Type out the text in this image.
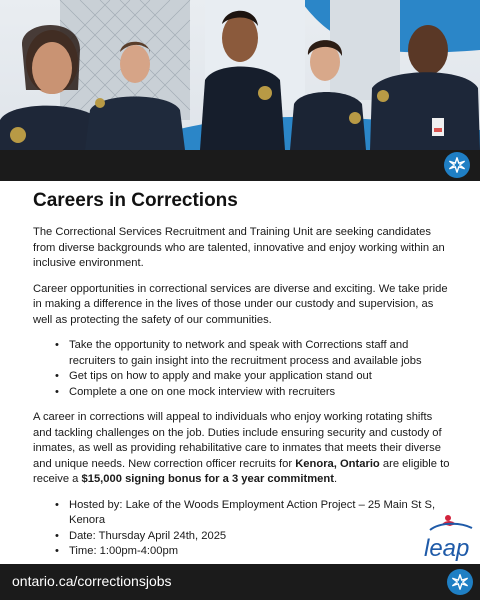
Careers in Corrections

The Correctional Services Recruitment and Training Unit are seeking candidates from diverse backgrounds who are talented, innovative and enjoy working within an inclusive environment.

Career opportunities in correctional services are diverse and exciting. We take pride in making a difference in the lives of those under our custody and supervision, as well as protecting the safety of our communities.

• Take the opportunity to network and speak with Corrections staff and recruiters to gain insight into the recruitment process and available jobs
• Get tips on how to apply and make your application stand out
• Complete a one on one mock interview with recruiters

A career in corrections will appeal to individuals who enjoy working rotating shifts and tackling challenges on the job. Duties include ensuring security and custody of inmates, as well as providing rehabilitative care to inmates that meets their diverse and unique needs. New correction officer recruits for Kenora, Ontario are eligible to receive a $15,000 signing bonus for a 3 year commitment.

• Hosted by: Lake of the Woods Employment Action Project – 25 Main St S, Kenora
• Date: Thursday April 24th, 2025
• Time: 1:00pm-4:00pm	leap
ontario.ca/correctionsjobs
